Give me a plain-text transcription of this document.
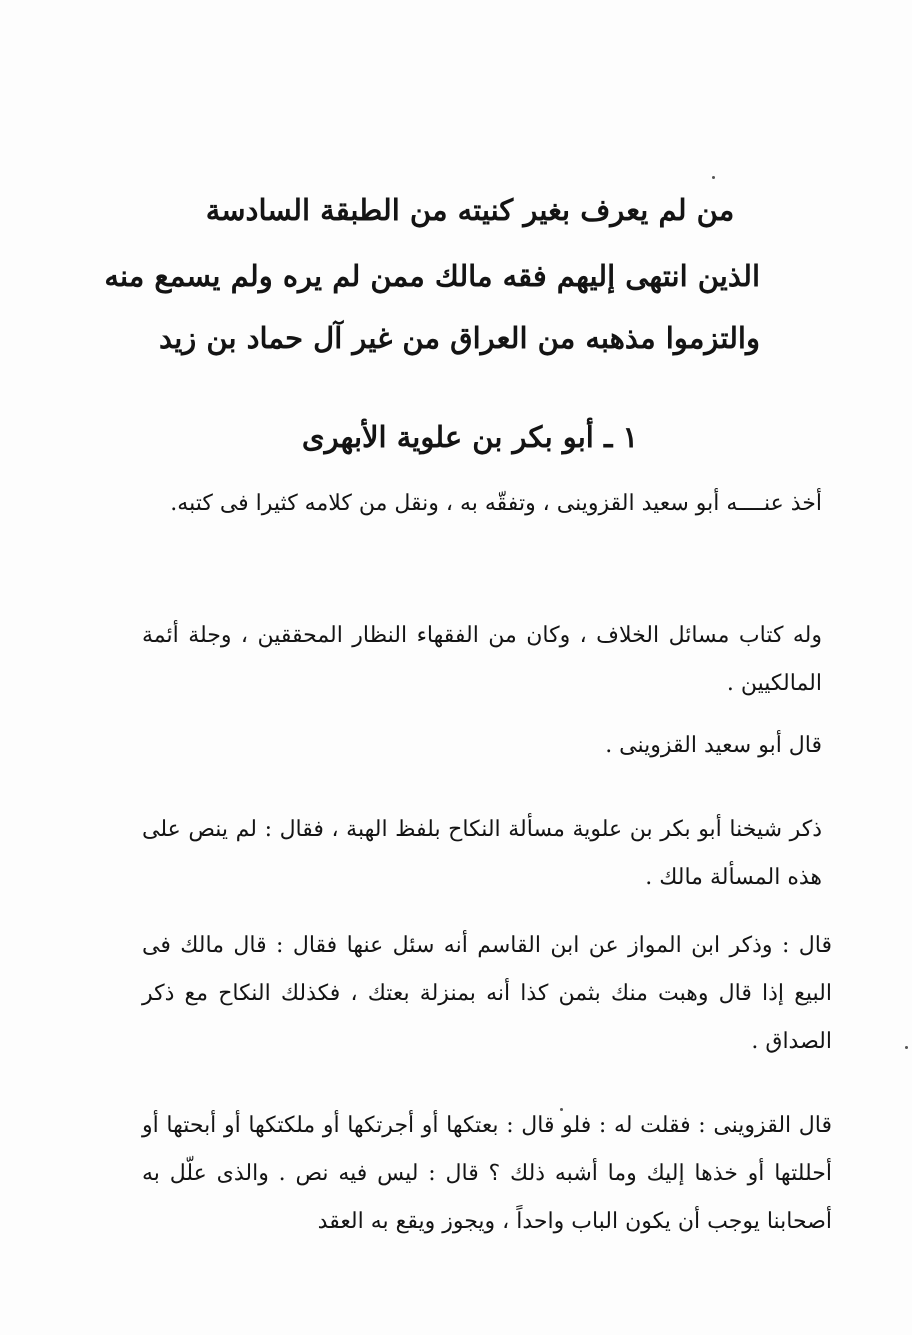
من لم يعرف بغير كنيته من الطبقة السادسة
الذين انتهى إليهم فقه مالك ممن لم يره ولم يسمع منه
والتزموا مذهبه من العراق من غير آل حماد بن زيد
١ ـ أبو بكر بن علوية الأبهرى
أخذ عنــــه أبو سعيد القزوينى ، وتفقّه به ، ونقل من كلامه كثيرا فى كتبه.
وله كتاب مسائل الخلاف ، وكان من الفقهاء النظار المحققين ، وجلة أئمة المالكيين .
قال أبو سعيد القزوينى .
ذكر شيخنا أبو بكر بن علوية مسألة النكاح بلفظ الهبة ، فقال : لم ينص على هذه المسألة مالك .
قال : وذكر ابن المواز عن ابن القاسم أنه سئل عنها فقال : قال مالك فى البيع إذا قال وهبت منك بثمن كذا أنه بمنزلة بعتك ، فكذلك النكاح مع ذكر الصداق .
قال القزوينى : فقلت له : فلو قال : بعتكها أو أجرتكها أو ملكتكها أو أبحتها أو أحللتها أو خذها إليك وما أشبه ذلك ؟ قال : ليس فيه نص . والذى علّل به أصحابنا يوجب أن يكون الباب واحداً ، ويجوز ويقع به العقد
